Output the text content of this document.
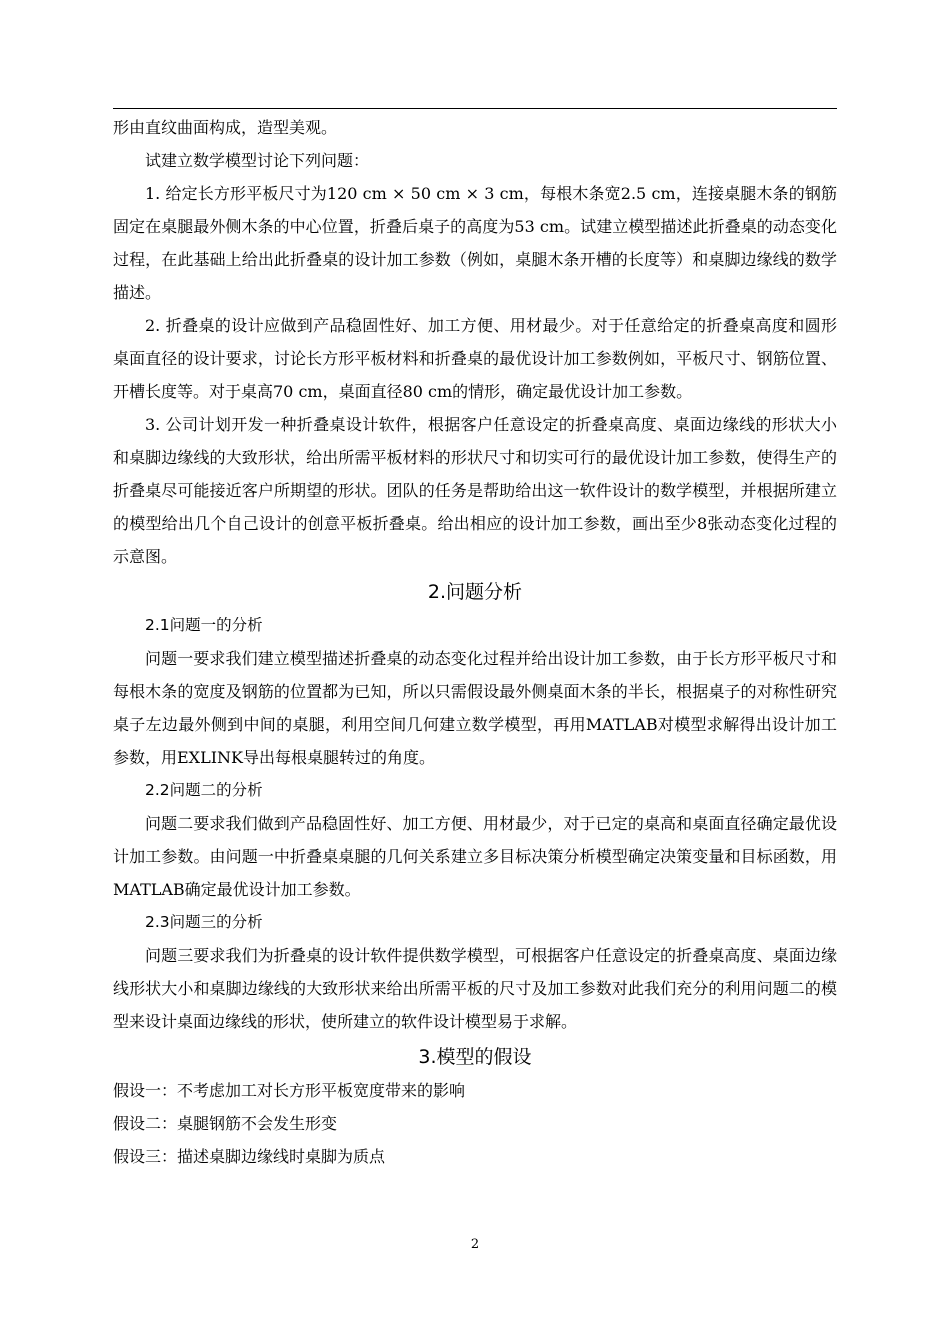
形由直纹曲面构成，造型美观。

试建立数学模型讨论下列问题：

1. 给定长方形平板尺寸为120 cm × 50 cm × 3 cm，每根木条宽2.5 cm，连接桌腿木条的钢筋固定在桌腿最外侧木条的中心位置，折叠后桌子的高度为53 cm。试建立模型描述此折叠桌的动态变化过程，在此基础上给出此折叠桌的设计加工参数（例如，桌腿木条开槽的长度等）和桌脚边缘线的数学描述。

2. 折叠桌的设计应做到产品稳固性好、加工方便、用材最少。对于任意给定的折叠桌高度和圆形桌面直径的设计要求，讨论长方形平板材料和折叠桌的最优设计加工参数例如，平板尺寸、钢筋位置、开槽长度等。对于桌高70 cm，桌面直径80 cm的情形，确定最优设计加工参数。

3. 公司计划开发一种折叠桌设计软件，根据客户任意设定的折叠桌高度、桌面边缘线的形状大小和桌脚边缘线的大致形状，给出所需平板材料的形状尺寸和切实可行的最优设计加工参数，使得生产的折叠桌尽可能接近客户所期望的形状。团队的任务是帮助给出这一软件设计的数学模型，并根据所建立的模型给出几个自己设计的创意平板折叠桌。给出相应的设计加工参数，画出至少8张动态变化过程的示意图。

2.问题分析
2.1问题一的分析

问题一要求我们建立模型描述折叠桌的动态变化过程并给出设计加工参数，由于长方形平板尺寸和每根木条的宽度及钢筋的位置都为已知，所以只需假设最外侧桌面木条的半长，根据桌子的对称性研究桌子左边最外侧到中间的桌腿，利用空间几何建立数学模型，再用MATLAB对模型求解得出设计加工参数，用EXLINK导出每根桌腿转过的角度。

2.2问题二的分析

问题二要求我们做到产品稳固性好、加工方便、用材最少，对于已定的桌高和桌面直径确定最优设计加工参数。由问题一中折叠桌桌腿的几何关系建立多目标决策分析模型确定决策变量和目标函数，用MATLAB确定最优设计加工参数。

2.3问题三的分析

问题三要求我们为折叠桌的设计软件提供数学模型，可根据客户任意设定的折叠桌高度、桌面边缘线形状大小和桌脚边缘线的大致形状来给出所需平板的尺寸及加工参数对此我们充分的利用问题二的模型来设计桌面边缘线的形状，使所建立的软件设计模型易于求解。

3.模型的假设

假设一：不考虑加工对长方形平板宽度带来的影响

假设二：桌腿钢筋不会发生形变

假设三：描述桌脚边缘线时桌脚为质点

2
